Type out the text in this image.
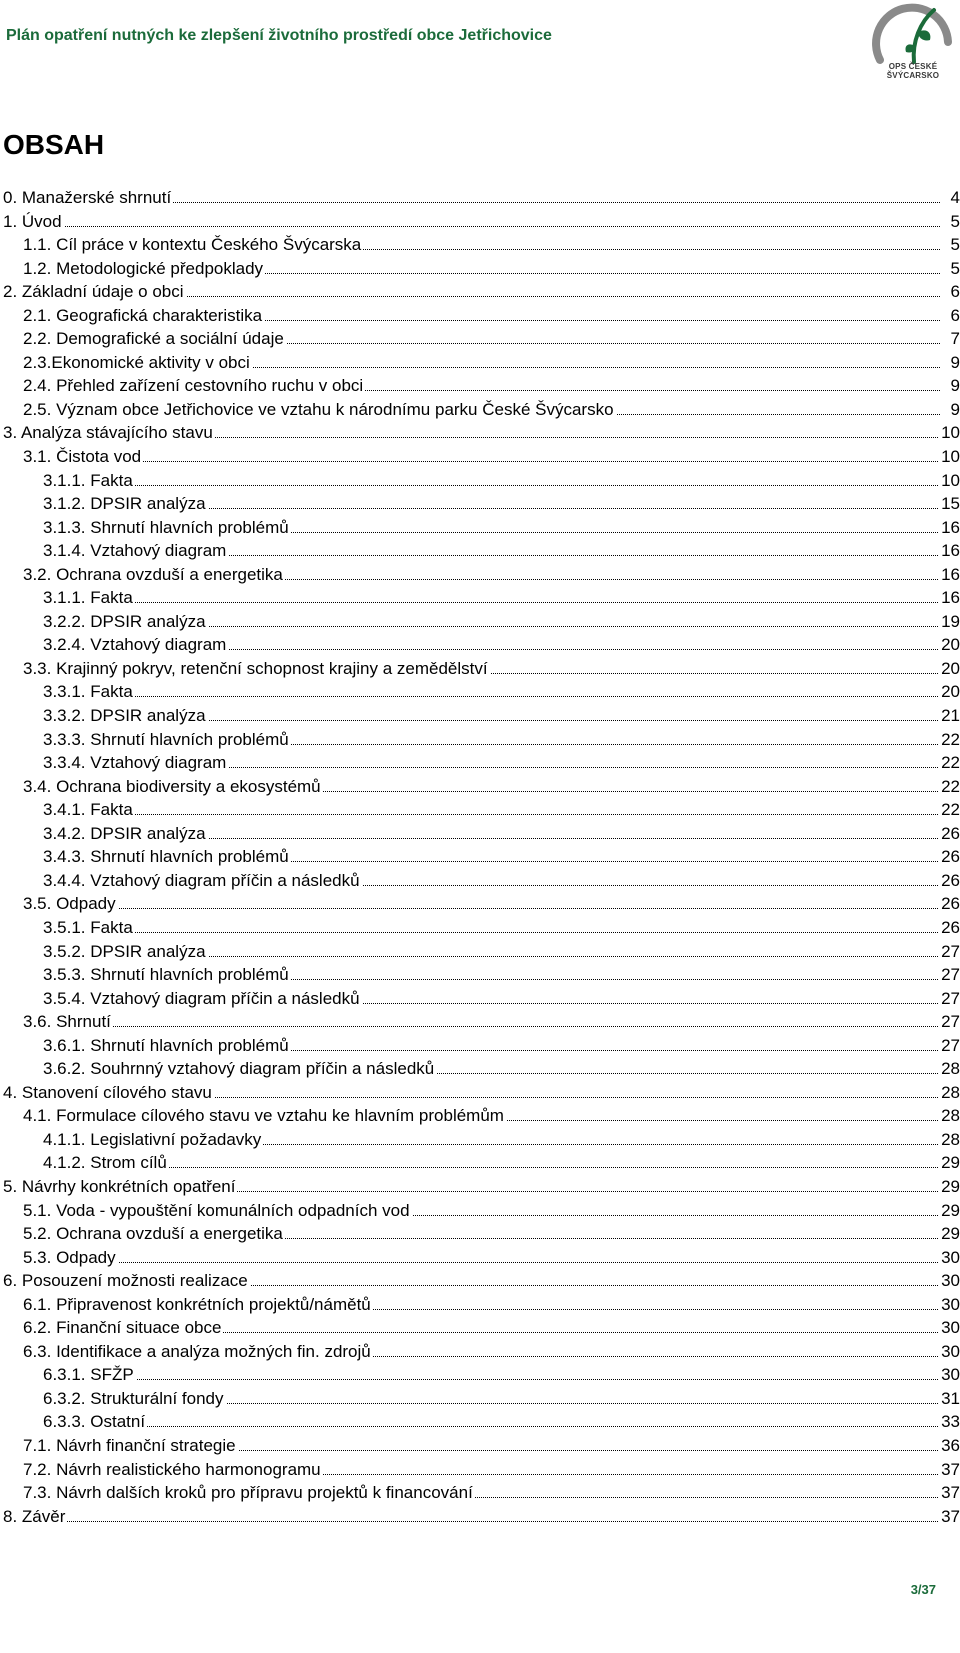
Plán opatření nutných ke zlepšení životního prostředí obce Jetřichovice
OPS ČESKÉ ŠVÝCARSKO
OBSAH
0. Manažerské shrnutí	4
1. Úvod	5
1.1. Cíl práce v kontextu Českého Švýcarska	5
1.2. Metodologické předpoklady	5
2. Základní údaje o obci	6
2.1. Geografická charakteristika	6
2.2. Demografické a sociální údaje	7
2.3.Ekonomické aktivity v obci	9
2.4. Přehled zařízení cestovního ruchu v obci	9
2.5. Význam obce Jetřichovice ve vztahu k národnímu parku České Švýcarsko	9
3. Analýza stávajícího stavu	10
3.1. Čistota vod	10
3.1.1. Fakta	10
3.1.2. DPSIR analýza	15
3.1.3. Shrnutí hlavních problémů	16
3.1.4. Vztahový diagram	16
3.2. Ochrana ovzduší a energetika	16
3.1.1. Fakta	16
3.2.2. DPSIR analýza	19
3.2.4. Vztahový diagram	20
3.3. Krajinný pokryv, retenční schopnost krajiny a zemědělství	20
3.3.1. Fakta	20
3.3.2. DPSIR analýza	21
3.3.3. Shrnutí hlavních problémů	22
3.3.4. Vztahový diagram	22
3.4. Ochrana biodiversity a ekosystémů	22
3.4.1. Fakta	22
3.4.2. DPSIR analýza	26
3.4.3. Shrnutí hlavních problémů	26
3.4.4. Vztahový diagram příčin a následků	26
3.5. Odpady	26
3.5.1. Fakta	26
3.5.2. DPSIR analýza	27
3.5.3. Shrnutí hlavních problémů	27
3.5.4. Vztahový diagram příčin a následků	27
3.6. Shrnutí	27
3.6.1. Shrnutí hlavních problémů	27
3.6.2. Souhrnný vztahový diagram příčin a následků	28
4. Stanovení cílového stavu	28
4.1. Formulace cílového stavu ve vztahu ke hlavním problémům	28
4.1.1. Legislativní požadavky	28
4.1.2. Strom cílů	29
5. Návrhy konkrétních opatření	29
5.1. Voda - vypouštění komunálních odpadních vod	29
5.2. Ochrana ovzduší a energetika	29
5.3. Odpady	30
6. Posouzení možnosti realizace	30
6.1. Připravenost konkrétních projektů/námětů	30
6.2. Finanční situace obce	30
6.3. Identifikace a analýza možných fin. zdrojů	30
6.3.1. SFŽP	30
6.3.2. Strukturální fondy	31
6.3.3. Ostatní	33
7.1. Návrh finanční strategie	36
7.2. Návrh realistického harmonogramu	37
7.3. Návrh dalších kroků pro přípravu projektů k financování	37
8. Závěr	37
3/37
